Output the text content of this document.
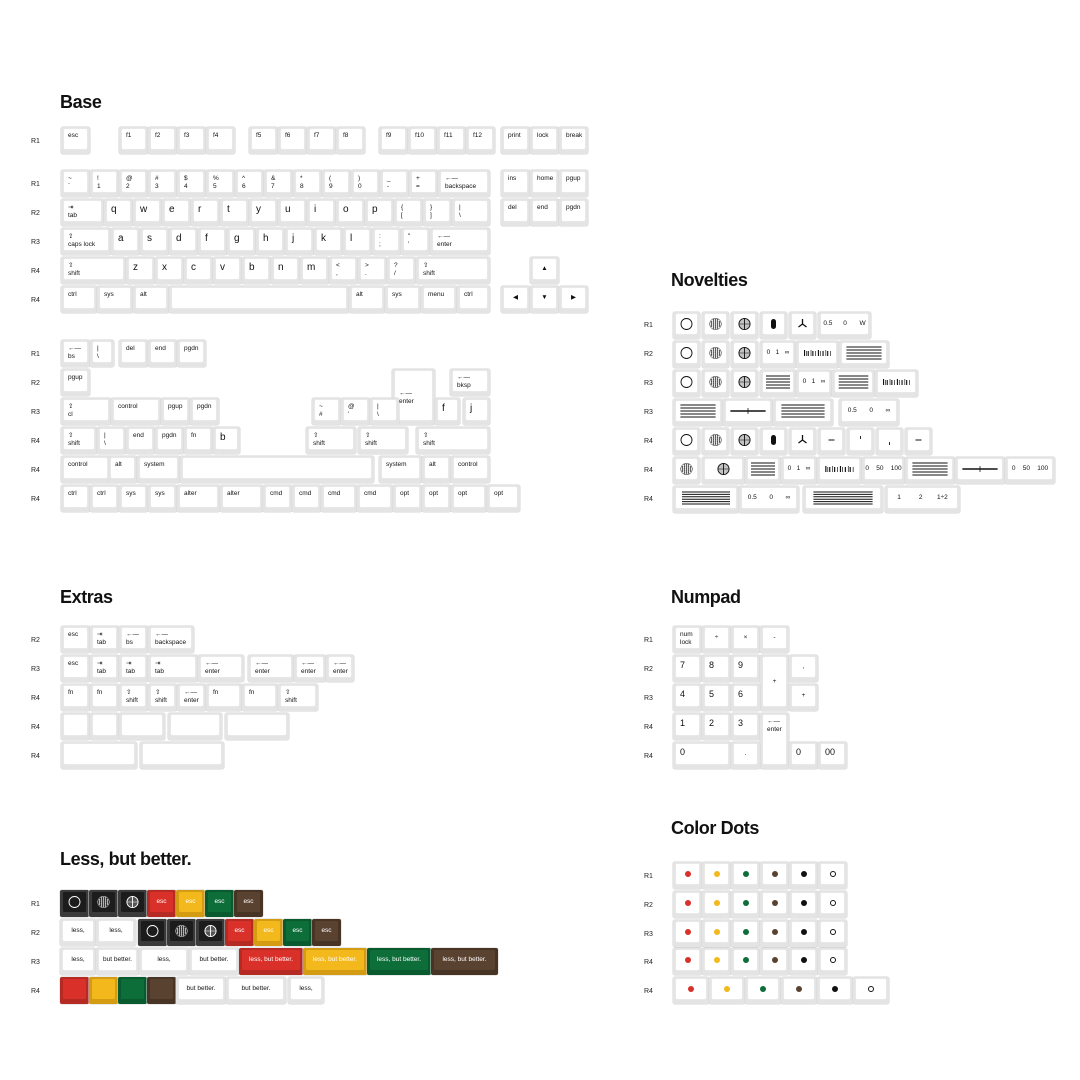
Base
Novelties
Extras	Numpad
Color Dots
Less, but better.
R1
esc	f1	f2	f3	f4	f5	f6	f7	f8	f9	f10	f11	f12	print	lock	break
R1
~
`
!
1
@
2
#
3
$
4
%
5
^
6
&
7
*
8
(
9
)
0
_
-
+
=
←—
backspace
ins	home pgup
R2
⇥
tab
q w e r	t	y u i	o p	{
[
}
]
|
\
del	end	pgdn
R3
⇪
caps lock
a s d f	g h j	k l	:
;
"
'
←—
enter
R4
⇧
shift
z x c v b n m	<
,
>
.
?
/
⇧
shift
▲
R4
ctrl	sys	alt	alt	sys	menu	ctrl	◀	▼	▶
R1
←—
bs
|
\
del	end	pgdn
R2
pgup

←—
enter
←—
bksp
R3
⇪
cl
control	pgup pgdn	~
#
@
'
|
\
f	j
R4
⇧
shift
|
\
end	pgdn fn b	⇧
shift
⇧
shift
⇧
shift
R4
control	alt	system	system	alt	control
R4
ctrl	ctrl	sys	sys	alter	alter	cmd	cmd	cmd	cmd	opt	opt	opt	opt
R1	0.5      0       W
R2	0   1   ∞
R3	0   1   ∞
R3	0.5       0       ∞
R4
R4	0   1   ∞	0    50    100	0    50    100
R4	0.5       0       ∞	1          2        1÷2
R2
esc	⇥
tab
←—
bs
←—
backspace
R3
esc	⇥
tab
⇥
tab
⇥
tab
←—
enter
←—
enter
←—
enter
←—
enter
R4
fn	fn	⇧
shift
⇧
shift
←—
enter
fn	fn	⇧
shift
R4
R4
R1
num
lock
÷	×	-
R2	7	8	9
+
,
R3	4	5	6	+
R4	1	2	3	←—
enter
R4	0	.	0	00
R1
R2
R3
R4
R4
R1	esc	esc	esc	esc
R2	less,	less,	esc	esc	esc	esc
R3	less,	but better.	less,	but better.	less, but better.	less, but better.	less, but better.	less, but better.
R4	but better.	but better.	less,
